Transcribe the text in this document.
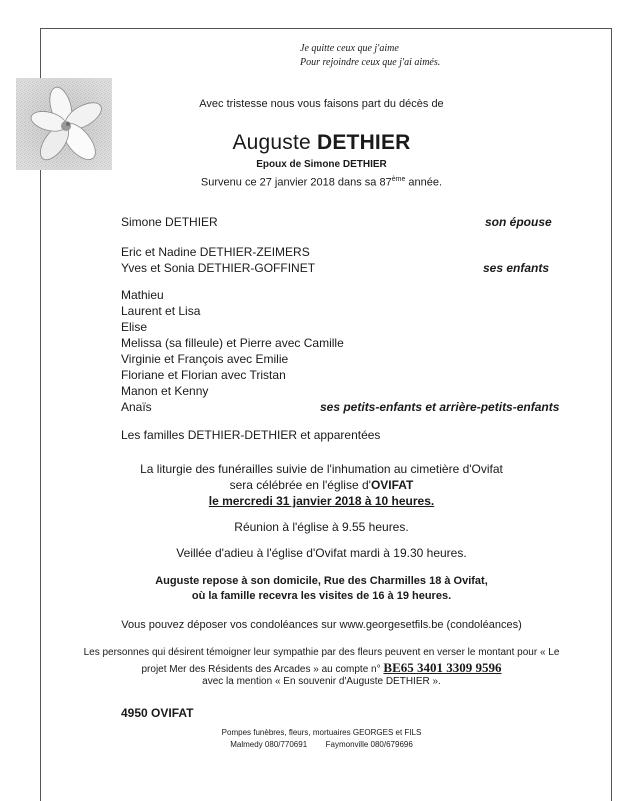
Je quitte ceux que j'aime
Pour rejoindre ceux que j'ai aimés.
Avec tristesse nous vous faisons part du décès de
Auguste DETHIER
Epoux de Simone DETHIER
Survenu ce 27 janvier 2018 dans sa 87ème année.
Simone DETHIER	son épouse
Eric et Nadine DETHIER-ZEIMERS
Yves et Sonia DETHIER-GOFFINET	ses enfants
Mathieu
Laurent et Lisa
Elise
Melissa (sa filleule) et Pierre avec Camille
Virginie et François avec Emilie
Floriane et Florian avec Tristan
Manon et Kenny
Anaïs	ses petits-enfants et arrière-petits-enfants
Les familles DETHIER-DETHIER et apparentées
La liturgie des funérailles suivie de l'inhumation au cimetière d'Ovifat
sera célébrée en l'église d'OVIFAT
le mercredi 31 janvier 2018 à 10 heures.
Réunion à l'église à 9.55 heures.
Veillée d'adieu à l'église d'Ovifat mardi à 19.30 heures.
Auguste repose à son domicile, Rue des Charmilles 18 à Ovifat,
où la famille recevra les visites de 16 à 19 heures.
Vous pouvez déposer vos condoléances sur www.georgesetfils.be (condoléances)
Les personnes qui désirent témoigner leur sympathie par des fleurs peuvent en verser le montant pour « Le
projet Mer des Résidents des Arcades » au compte n° BE65 3401 3309 9596
avec la mention « En souvenir d'Auguste DETHIER ».
4950 OVIFAT
Pompes funèbres, fleurs, mortuaires GEORGES et FILS
Malmedy 080/770691 Faymonville 080/679696
